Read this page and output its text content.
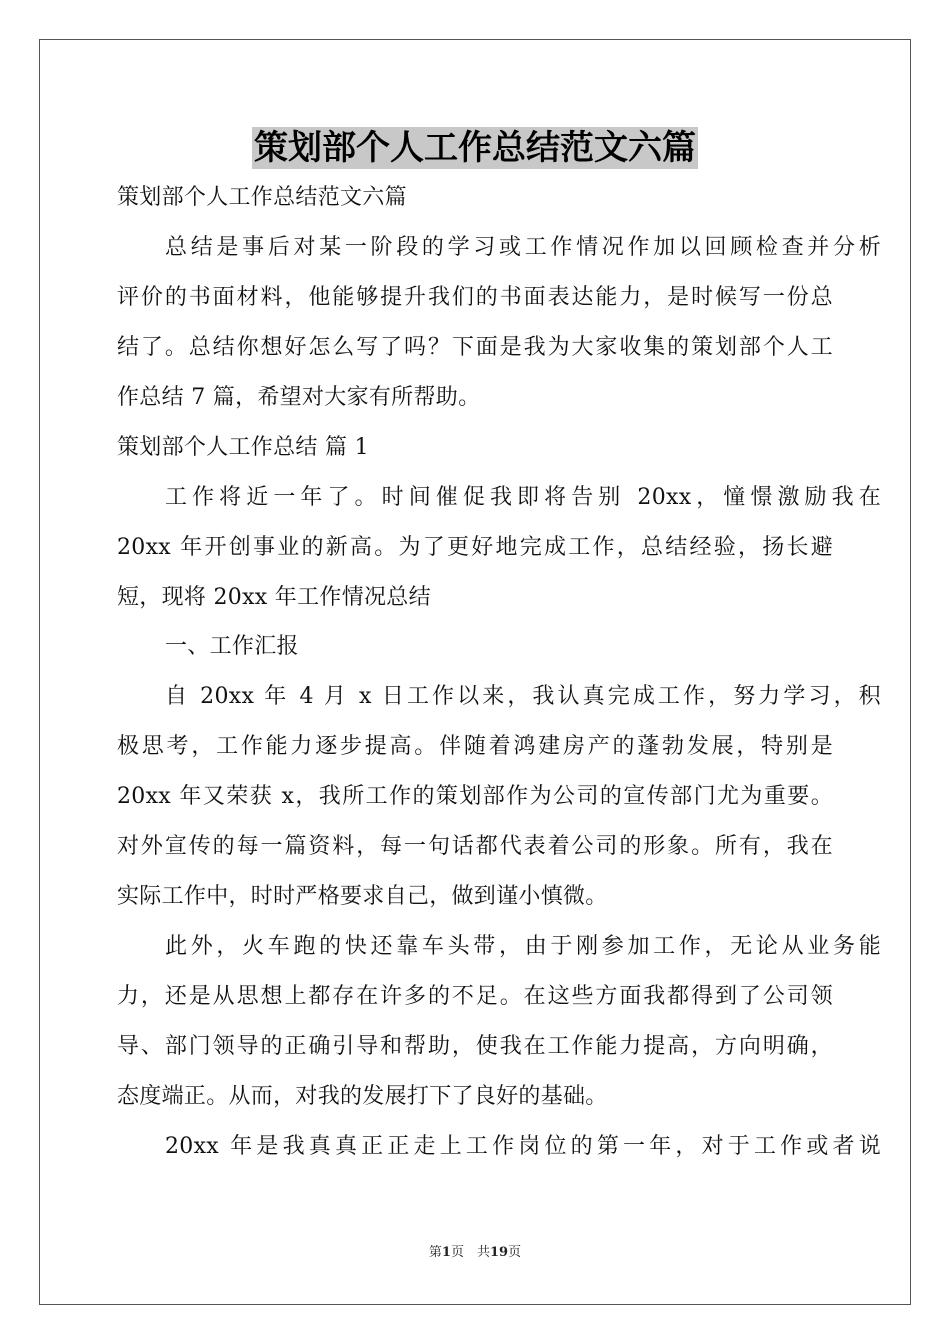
策划部个人工作总结范文六篇
策划部个人工作总结范文六篇
总结是事后对某一阶段的学习或工作情况作加以回顾检查并分析
评价的书面材料，他能够提升我们的书面表达能力，是时候写一份总
结了。总结你想好怎么写了吗？下面是我为大家收集的策划部个人工
作总结 7 篇，希望对大家有所帮助。
策划部个人工作总结 篇 1
工作将近一年了。时间催促我即将告别 20xx，憧憬激励我在
20xx 年开创事业的新高。为了更好地完成工作，总结经验，扬长避
短，现将 20xx 年工作情况总结
一、工作汇报
自 20xx 年 4 月 x 日工作以来，我认真完成工作，努力学习，积
极思考，工作能力逐步提高。伴随着鸿建房产的蓬勃发展，特别是
20xx 年又荣获 x，我所工作的策划部作为公司的宣传部门尤为重要。
对外宣传的每一篇资料，每一句话都代表着公司的形象。所有，我在
实际工作中，时时严格要求自己，做到谨小慎微。
此外，火车跑的快还靠车头带，由于刚参加工作，无论从业务能
力，还是从思想上都存在许多的不足。在这些方面我都得到了公司领
导、部门领导的正确引导和帮助，使我在工作能力提高，方向明确，
态度端正。从而，对我的发展打下了良好的基础。
20xx 年是我真真正正走上工作岗位的第一年，对于工作或者说
第1页　共19页
